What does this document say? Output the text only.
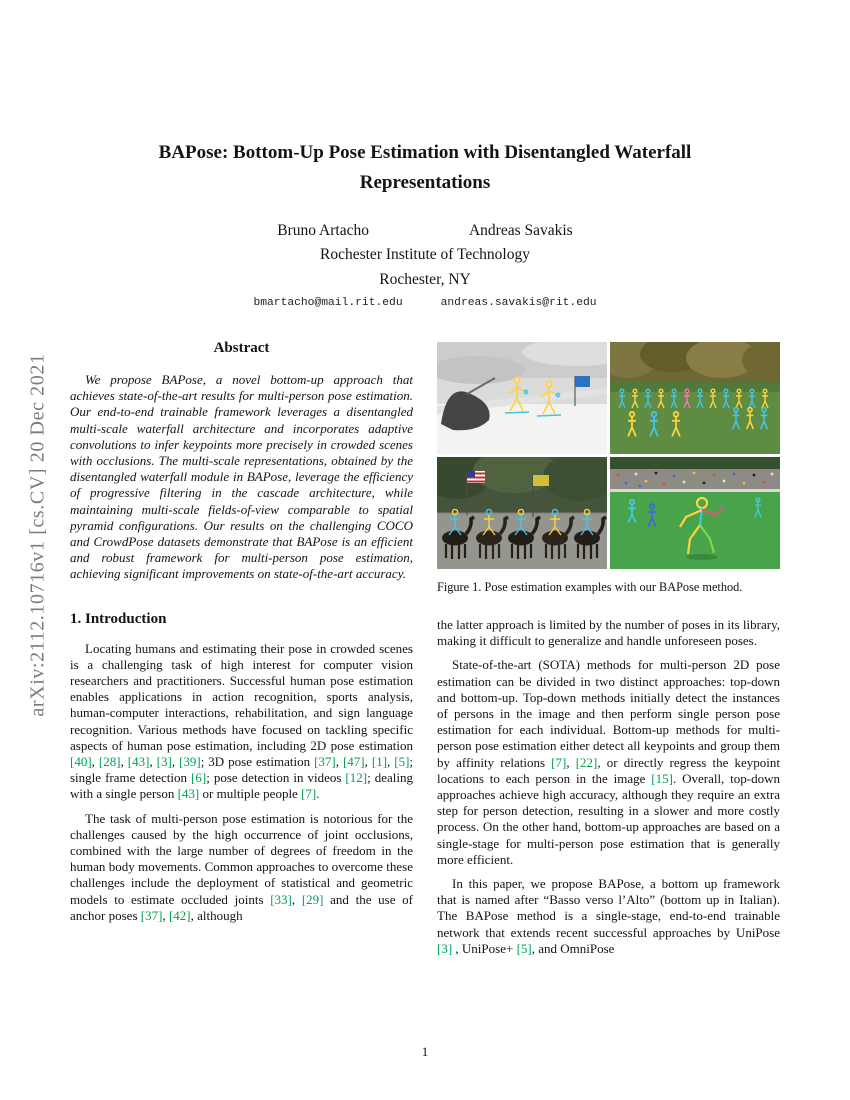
arXiv:2112.10716v1 [cs.CV] 20 Dec 2021
BAPose: Bottom-Up Pose Estimation with Disentangled Waterfall
Representations
Bruno Artacho	Andreas Savakis
Rochester Institute of Technology
Rochester, NY
bmartacho@mail.rit.edu	andreas.savakis@rit.edu
Abstract

We propose BAPose, a novel bottom-up approach that achieves state-of-the-art results for multi-person pose estimation. Our end-to-end trainable framework leverages a disentangled multi-scale waterfall architecture and incorporates adaptive convolutions to infer keypoints more precisely in crowded scenes with occlusions. The multi-scale representations, obtained by the disentangled waterfall module in BAPose, leverage the efficiency of progressive filtering in the cascade architecture, while maintaining multi-scale fields-of-view comparable to spatial pyramid configurations. Our results on the challenging COCO and CrowdPose datasets demonstrate that BAPose is an efficient and robust framework for multi-person pose estimation, achieving significant improvements on state-of-the-art accuracy.

1. Introduction

Locating humans and estimating their pose in crowded scenes is a challenging task of high interest for computer vision researchers and practitioners. Successful human pose estimation enables applications in action recognition, sports analysis, human-computer interactions, rehabilitation, and sign language recognition. Various methods have focused on tackling specific aspects of human pose estimation, including 2D pose estimation [40], [28], [43], [3], [39]; 3D pose estimation [37], [47], [1], [5]; single frame detection [6]; pose detection in videos [12]; dealing with a single person [43] or multiple people [7].

The task of multi-person pose estimation is notorious for the challenges caused by the high occurrence of joint occlusions, combined with the large number of degrees of freedom in the human body movements. Common approaches to overcome these challenges include the deployment of statistical and geometric models to estimate occluded joints [33], [29] and the use of anchor poses [37], [42], although

Figure 1. Pose estimation examples with our BAPose method.

the latter approach is limited by the number of poses in its library, making it difficult to generalize and handle unforeseen poses.

State-of-the-art (SOTA) methods for multi-person 2D pose estimation can be divided in two distinct approaches: top-down and bottom-up. Top-down methods initially detect the instances of persons in the image and then perform single person pose estimation for each individual. Bottom-up methods for multi-person pose estimation either detect all keypoints and group them by affinity relations [7], [22], or directly regress the keypoint locations to each person in the image [15]. Overall, top-down approaches achieve high accuracy, although they require an extra step for person detection, resulting in a slower and more costly process. On the other hand, bottom-up approaches are based on a single-stage for multi-person pose estimation that is generally more efficient.

In this paper, we propose BAPose, a bottom up framework that is named after “Basso verso l’Alto” (bottom up in Italian). The BAPose method is a single-stage, end-to-end trainable network that extends recent successful approaches by UniPose [3] , UniPose+ [5], and OmniPose

1
